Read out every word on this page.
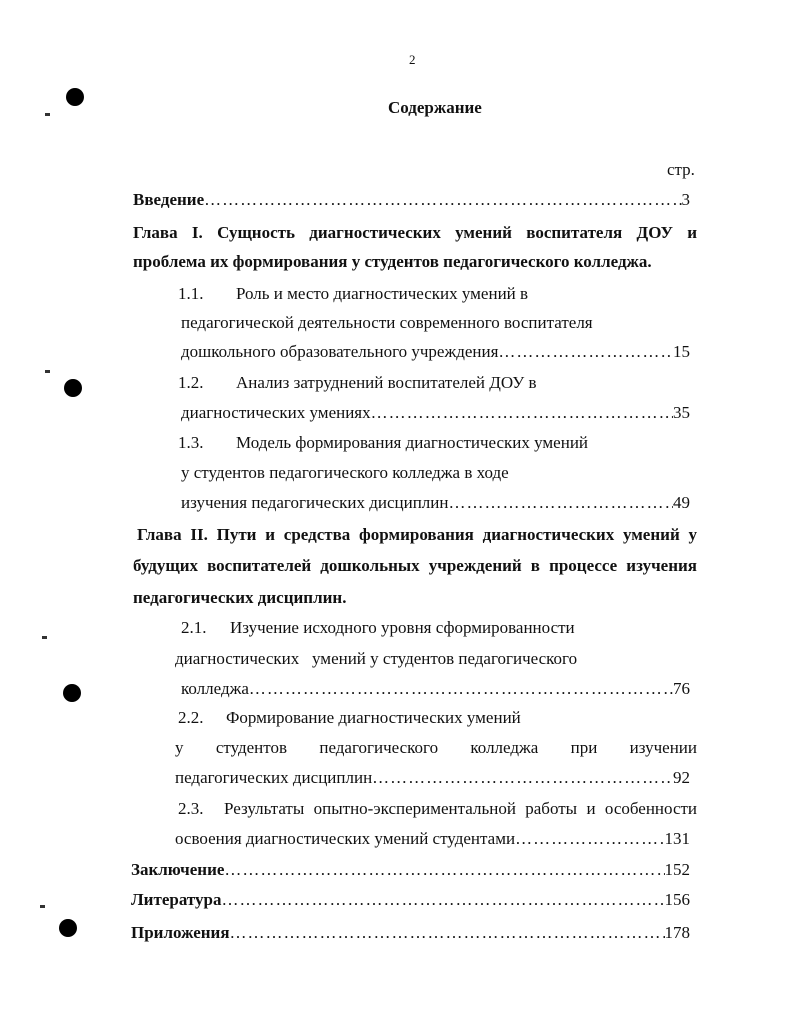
2
Содержание
стр.
Введение ……………………………………………………………………………………………………………………………………………	3
Глава I. Сущность диагностических умений воспитателя ДОУ и
проблема их формирования у студентов педагогического колледжа.
1.1. Роль и место диагностических умений в
педагогической деятельности современного воспитателя
дошкольного образовательного учреждения ……………………………………………………………………………………………………………………………………………	15
1.2. Анализ затруднений воспитателей ДОУ в
диагностических умениях ……………………………………………………………………………………………………………………………………………	35
1.3. Модель формирования диагностических умений
у студентов педагогического колледжа в ходе
изучения педагогических дисциплин ……………………………………………………………………………………………………………………………………………	49
Глава II. Пути и средства формирования диагностических умений у
будущих воспитателей дошкольных учреждений в процессе изучения
педагогических дисциплин.
2.1. Изучение исходного уровня сформированности
диагностических   умений у студентов педагогического
колледжа ……………………………………………………………………………………………………………………………………………	76
2.2. Формирование диагностических умений
у студентов педагогического колледжа при изучении
педагогических дисциплин ……………………………………………………………………………………………………………………………………………	92
2.3. Результаты опытно-экспериментальной работы и особенности
освоения диагностических умений студентами ……………………………………………………………………………………………………………………………………………	131
Заключение ……………………………………………………………………………………………………………………………………………	152
Литература ……………………………………………………………………………………………………………………………………………	156
Приложения ……………………………………………………………………………………………………………………………………………	178
